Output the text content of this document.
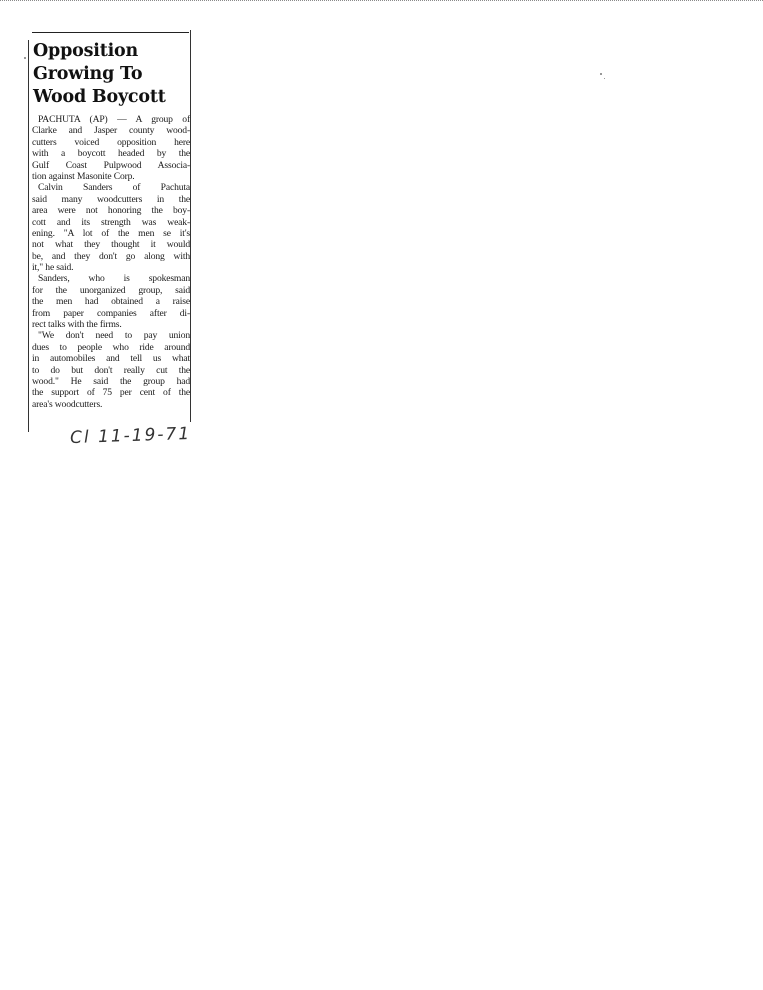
Opposition
Growing To
Wood Boycott
PACHUTA (AP) — A group of
Clarke and Jasper county wood-
cutters voiced opposition here
with a boycott headed by the
Gulf Coast Pulpwood Associa-
tion against Masonite Corp.
Calvin Sanders of Pachuta
said many woodcutters in the
area were not honoring the boy-
cott and its strength was weak-
ening. "A lot of the men se it's
not what they thought it would
be, and they don't go along with
it," he said.
Sanders, who is spokesman
for the unorganized group, said
the men had obtained a raise
from paper companies after di-
rect talks with the firms.
"We don't need to pay union
dues to people who ride around
in automobiles and tell us what
to do but don't really cut the
wood." He said the group had
the support of 75 per cent of the
area's woodcutters.
Cl 11-19-71
